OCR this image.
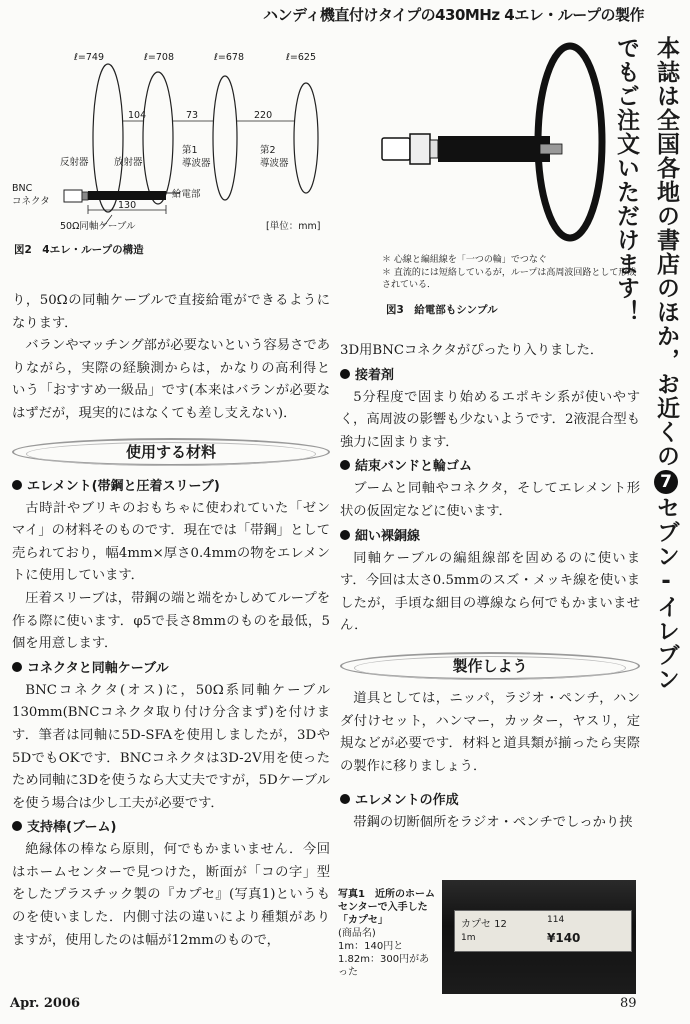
ハンディ機直付けタイプの430MHz 4エレ・ループの製作
本誌は全国各地の書店のほか，お近くの7セブン-イレブンでもご注文いただけます！
ℓ=749	ℓ=708	ℓ=678	ℓ=625
104	73	220
反射器	放射器
第1
導波器
第2
導波器
BNC
コネクタ
給電部
130
50Ω同軸ケーブル	[単位：mm]
図2　4エレ・ループの構造
＊ 心線と編組線を「一つの輪」でつなぐ
＊ 直流的には短絡しているが，ループは高周波回路として形成されている．
図3　給電部もシンプル
り，50Ωの同軸ケーブルで直接給電ができるようになります．
バランやマッチング部が必要ないという容易さでありながら，実際の経験測からは，かなりの高利得という「おすすめ一級品」です(本来はバランが必要なはずだが，現実的にはなくても差し支えない)．
使用する材料
エレメント(帯鋼と圧着スリーブ)
古時計やブリキのおもちゃに使われていた「ゼンマイ」の材料そのものです．現在では「帯鋼」として売られており，幅4mm×厚さ0.4mmの物をエレメントに使用しています．
圧着スリーブは，帯鋼の端と端をかしめてループを作る際に使います．φ5で長さ8mmのものを最低，5個を用意します．
コネクタと同軸ケーブル
BNCコネクタ(オス)に，50Ω系同軸ケーブル130mm(BNCコネクタ取り付け分含まず)を付けます．筆者は同軸に5D-SFAを使用しましたが，3Dや5DでもOKです．BNCコネクタは3D-2V用を使ったため同軸に3Dを使うなら大丈夫ですが，5Dケーブルを使う場合は少し工夫が必要です．
支持棒(ブーム)
絶縁体の棒なら原則，何でもかまいません．今回はホームセンターで見つけた，断面が「コの字」型をしたプラスチック製の『カプセ』(写真1)というものを使いました．内側寸法の違いにより種類がありますが，使用したのは幅が12mmのもので，
3D用BNCコネクタがぴったり入りました．
接着剤
5分程度で固まり始めるエポキシ系が使いやすく，高周波の影響も少ないようです．2液混合型も強力に固まります．
結束バンドと輪ゴム
ブームと同軸やコネクタ，そしてエレメント形状の仮固定などに使います．
細い裸銅線
同軸ケーブルの編組線部を固めるのに使います．今回は太さ0.5mmのスズ・メッキ線を使いましたが，手頃な細目の導線なら何でもかまいません．
製作しよう
道具としては，ニッパ，ラジオ・ペンチ，ハンダ付けセット，ハンマー，カッター，ヤスリ，定規などが必要です．材料と道具類が揃ったら実際の製作に移りましょう．
エレメントの作成
帯鋼の切断個所をラジオ・ペンチでしっかり挟
写真1　近所のホームセンターで入手した「カプセ」
(商品名)
1m：140円と1.82m：300円があった
カプセ 12
1m
114
¥140
Apr. 2006	89
